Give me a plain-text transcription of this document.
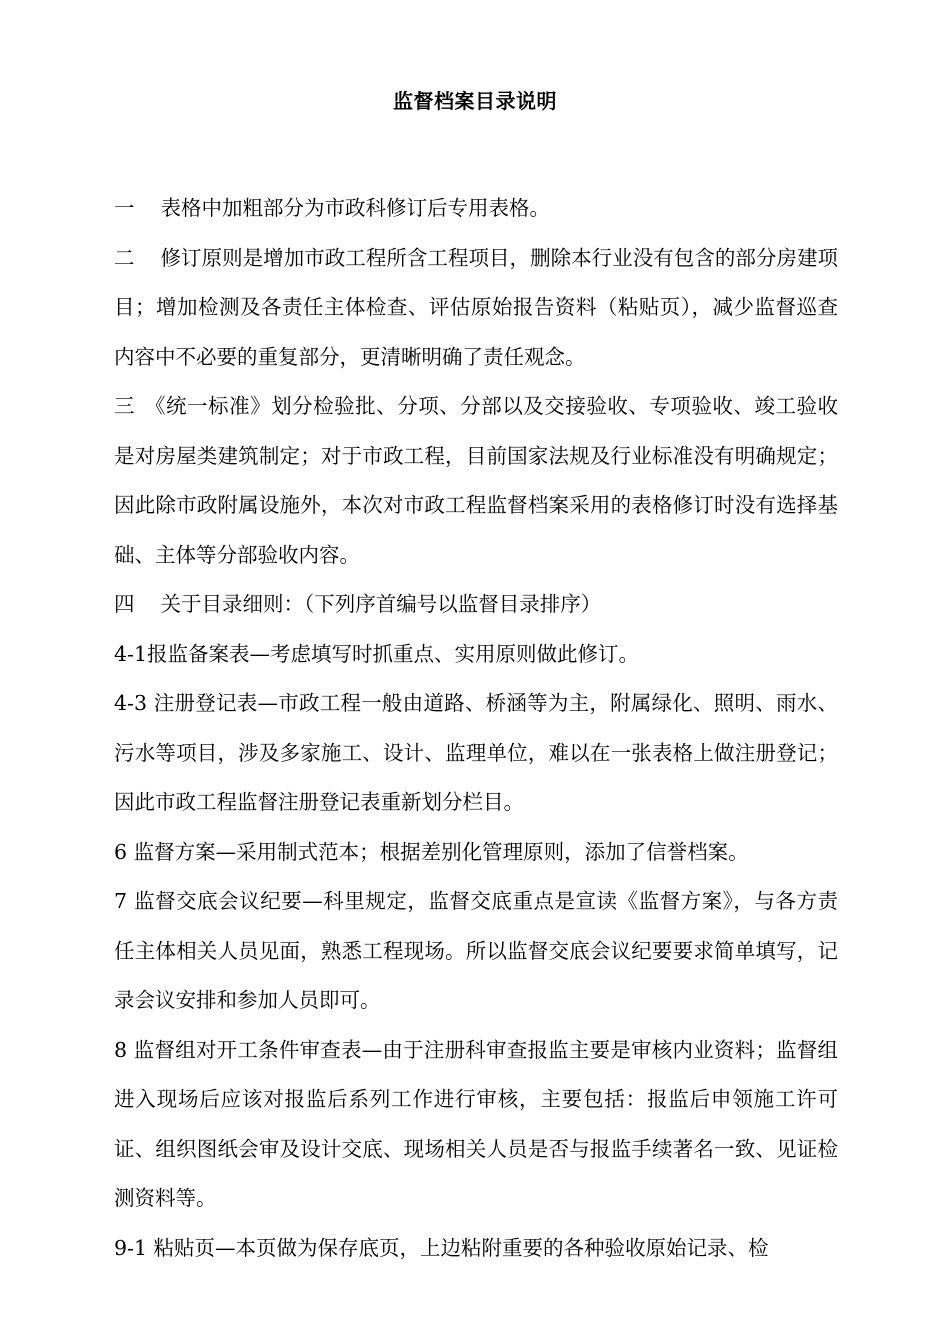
监督档案目录说明

一 表格中加粗部分为市政科修订后专用表格。

二 修订原则是增加市政工程所含工程项目，删除本行业没有包含的部分房建项目；增加检测及各责任主体检查、评估原始报告资料（粘贴页），减少监督巡查内容中不必要的重复部分，更清晰明确了责任观念。

三 《统一标准》划分检验批、分项、分部以及交接验收、专项验收、竣工验收是对房屋类建筑制定；对于市政工程，目前国家法规及行业标准没有明确规定；因此除市政附属设施外，本次对市政工程监督档案采用的表格修订时没有选择基础、主体等分部验收内容。

四 关于目录细则：（下列序首编号以监督目录排序）

4-1报监备案表—考虑填写时抓重点、实用原则做此修订。

4-3 注册登记表—市政工程一般由道路、桥涵等为主，附属绿化、照明、雨水、污水等项目，涉及多家施工、设计、监理单位，难以在一张表格上做注册登记；因此市政工程监督注册登记表重新划分栏目。

6 监督方案—采用制式范本；根据差别化管理原则，添加了信誉档案。

7 监督交底会议纪要—科里规定，监督交底重点是宣读《监督方案》，与各方责任主体相关人员见面，熟悉工程现场。所以监督交底会议纪要要求简单填写，记录会议安排和参加人员即可。

8 监督组对开工条件审查表—由于注册科审查报监主要是审核内业资料；监督组进入现场后应该对报监后系列工作进行审核，主要包括：报监后申领施工许可证、组织图纸会审及设计交底、现场相关人员是否与报监手续著名一致、见证检测资料等。

9-1 粘贴页—本页做为保存底页，上边粘附重要的各种验收原始记录、检
